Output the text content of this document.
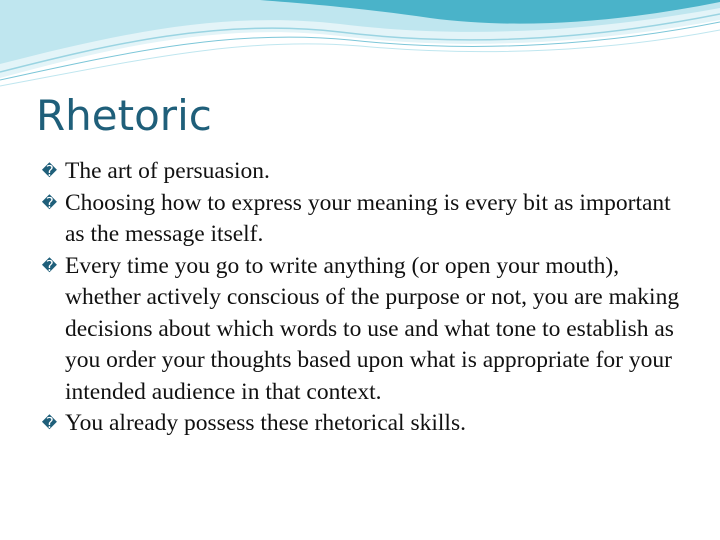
Rhetoric
� The art of persuasion.
� Choosing how to express your meaning is every bit as important as the message itself.
� Every time you go to write anything (or open your mouth), whether actively conscious of the purpose or not, you are making decisions about which words to use and what tone to establish as you order your thoughts based upon what is appropriate for your intended audience in that context.
� You already possess these rhetorical skills.
